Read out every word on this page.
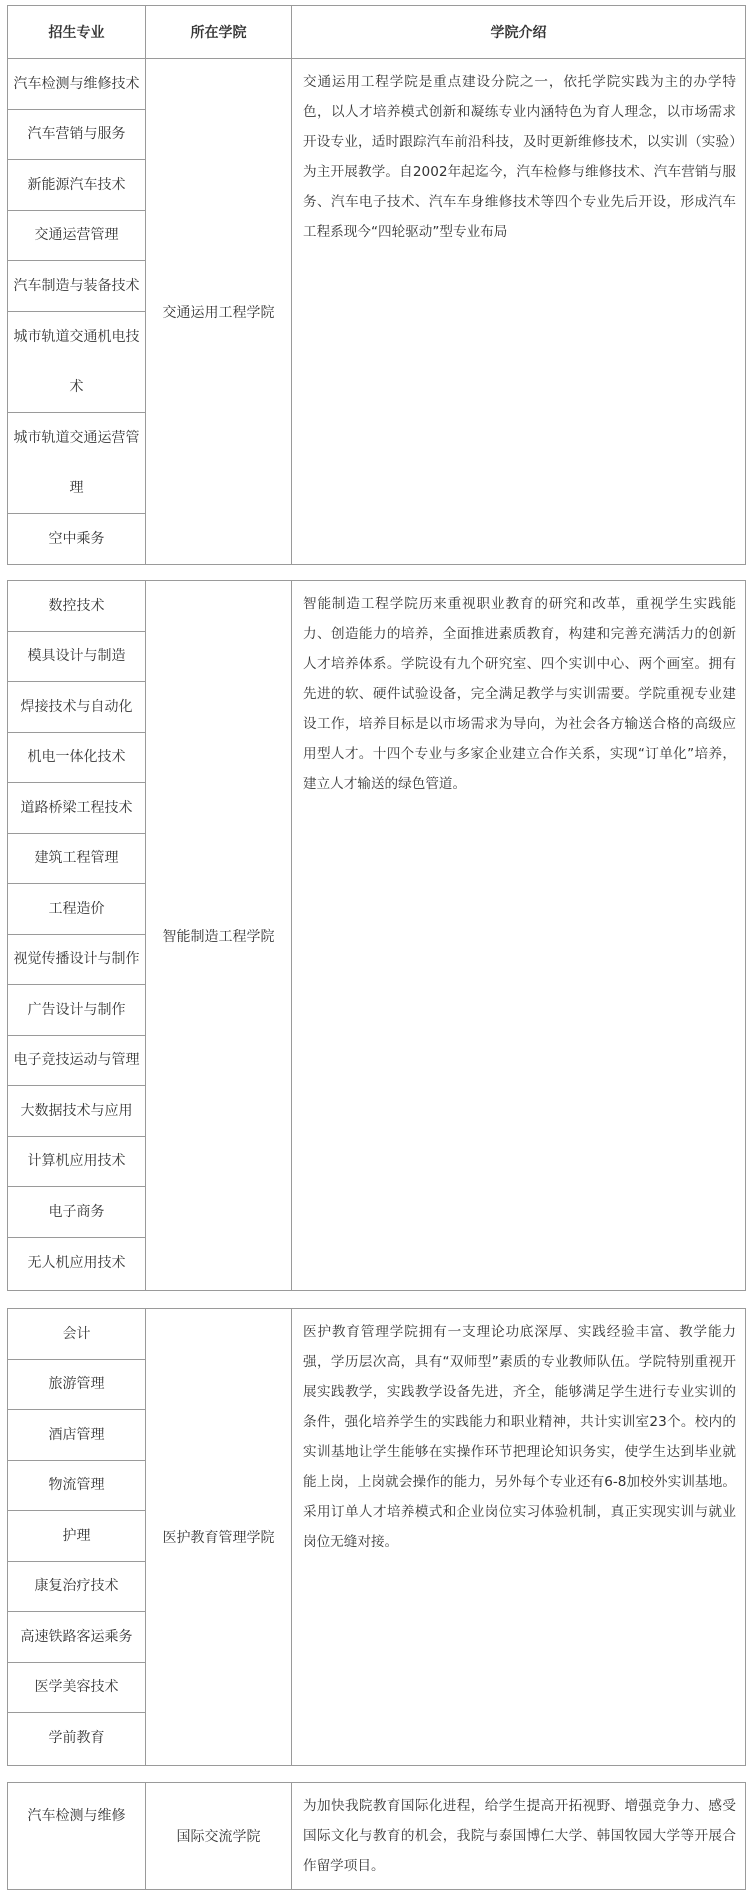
招生专业	所在学院	学院介绍
汽车检测与维修技术
汽车营销与服务
新能源汽车技术
交通运营管理
汽车制造与装备技术
城市轨道交通机电技术
城市轨道交通运营管理
空中乘务
交通运用工程学院
交通运用工程学院是重点建设分院之一，依托学院实践为主的办学特色，以人才培养模式创新和凝练专业内涵特色为育人理念，以市场需求开设专业，适时跟踪汽车前沿科技，及时更新维修技术，以实训（实验）为主开展教学。自2002年起迄今，汽车检修与维修技术、汽车营销与服务、汽车电子技术、汽车车身维修技术等四个专业先后开设，形成汽车工程系现今“四轮驱动”型专业布局
数控技术
模具设计与制造
焊接技术与自动化
机电一体化技术
道路桥梁工程技术
建筑工程管理
工程造价
视觉传播设计与制作
广告设计与制作
电子竞技运动与管理
大数据技术与应用
计算机应用技术
电子商务
无人机应用技术
智能制造工程学院
智能制造工程学院历来重视职业教育的研究和改革，重视学生实践能力、创造能力的培养，全面推进素质教育，构建和完善充满活力的创新人才培养体系。学院设有九个研究室、四个实训中心、两个画室。拥有先进的软、硬件试验设备，完全满足教学与实训需要。学院重视专业建设工作，培养目标是以市场需求为导向，为社会各方输送合格的高级应用型人才。十四个专业与多家企业建立合作关系，实现“订单化”培养，建立人才输送的绿色管道。
会计
旅游管理
酒店管理
物流管理
护理
康复治疗技术
高速铁路客运乘务
医学美容技术
学前教育
医护教育管理学院
医护教育管理学院拥有一支理论功底深厚、实践经验丰富、教学能力强，学历层次高，具有“双师型”素质的专业教师队伍。学院特别重视开展实践教学，实践教学设备先进，齐全，能够满足学生进行专业实训的条件，强化培养学生的实践能力和职业精神，共计实训室23个。校内的实训基地让学生能够在实操作环节把理论知识务实，使学生达到毕业就能上岗，上岗就会操作的能力，另外每个专业还有6-8加校外实训基地。采用订单人才培养模式和企业岗位实习体验机制，真正实现实训与就业岗位无缝对接。
汽车检测与维修
国际交流学院
为加快我院教育国际化进程，给学生提高开拓视野、增强竞争力、感受国际文化与教育的机会，我院与泰国博仁大学、韩国牧园大学等开展合作留学项目。
